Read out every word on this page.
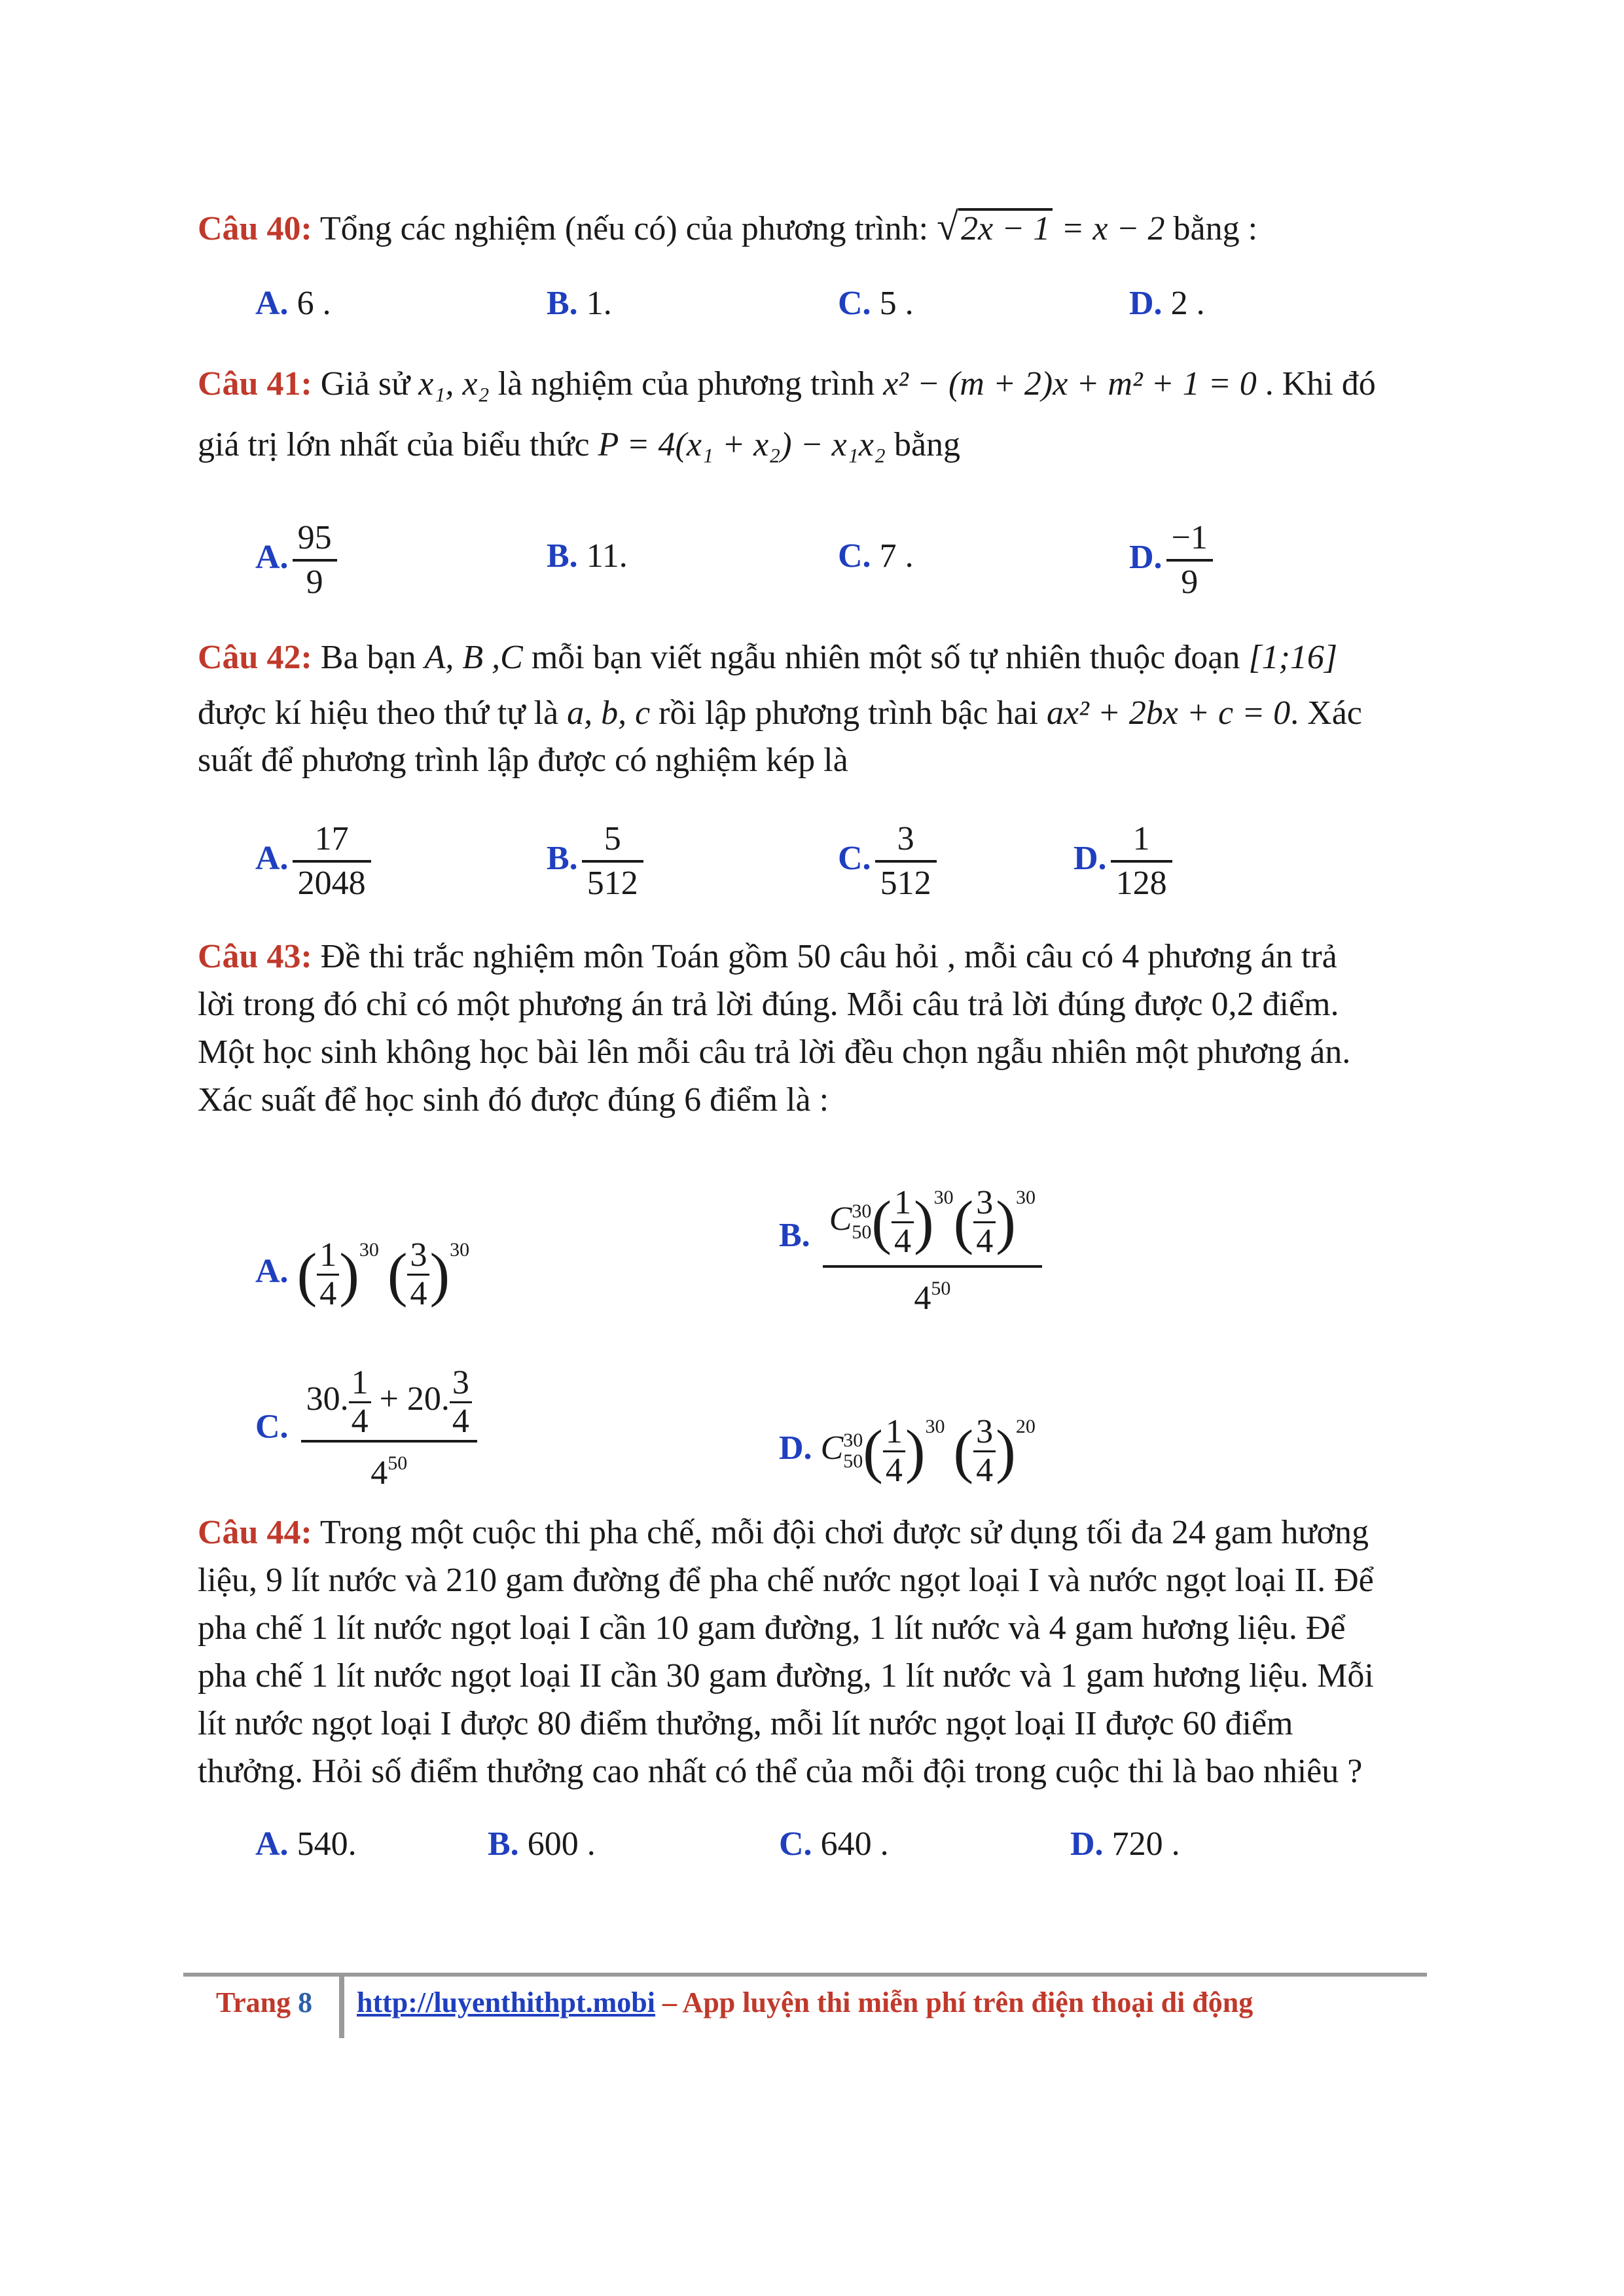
Câu 40: Tổng các nghiệm (nếu có) của phương trình: √2x − 1 = x − 2 bằng :
A. 6 .	B. 1.	C. 5 .	D. 2 .
Câu 41: Giả sử x₁, x₂ là nghiệm của phương trình x² − (m + 2)x + m² + 1 = 0 . Khi đó
giá trị lớn nhất của biểu thức P = 4(x₁ + x₂) − x₁x₂ bằng
A. $\frac{95}{9}$	B. 11.	C. 7 .	D. $\frac{-1}{9}$
Câu 42: Ba bạn A, B ,C mỗi bạn viết ngẫu nhiên một số tự nhiên thuộc đoạn [1;16]
được kí hiệu theo thứ tự là a, b, c rồi lập phương trình bậc hai ax² + 2bx + c = 0. Xác
suất để phương trình lập được có nghiệm kép là
A. $\frac{17}{2048}$	B. $\frac{5}{512}$	C. $\frac{3}{512}$	D. $\frac{1}{128}$
Câu 43: Đề thi trắc nghiệm môn Toán gồm 50 câu hỏi , mỗi câu có 4 phương án trả
lời trong đó chỉ có một phương án trả lời đúng. Mỗi câu trả lời đúng được 0,2 điểm.
Một học sinh không học bài lên mỗi câu trả lời đều chọn ngẫu nhiên một phương án.
Xác suất để học sinh đó được đúng 6 điểm là :
A. ( $\frac{1}{4} )^{30}$ ( $\frac{3}{4} )^{30}$	B. C 30
50 ( $\frac{1}{4} )^{30}( \frac{3}{4} )^{30}$
$4^{50}$
C. $\frac{30. \frac{1}{4} + 20. \frac{3}{4}}{4^{50}}$	D. C 30
50 ( $\frac{1}{4} )^{30}$ ( $\frac{3}{4} )^{20}$
Câu 44: Trong một cuộc thi pha chế, mỗi đội chơi được sử dụng tối đa 24 gam hương
liệu, 9 lít nước và 210 gam đường để pha chế nước ngọt loại I và nước ngọt loại II. Để
pha chế 1 lít nước ngọt loại I cần 10 gam đường, 1 lít nước và 4 gam hương liệu. Để
pha chế 1 lít nước ngọt loại II cần 30 gam đường, 1 lít nước và 1 gam hương liệu. Mỗi
lít nước ngọt loại I được 80 điểm thưởng, mỗi lít nước ngọt loại II được 60 điểm
thưởng. Hỏi số điểm thưởng cao nhất có thể của mỗi đội trong cuộc thi là bao nhiêu ?
A. 540.	B. 600 .	C. 640 .	D. 720 .
Trang 8 http://luyenthithpt.mobi – App luyện thi miễn phí trên điện thoại di động
